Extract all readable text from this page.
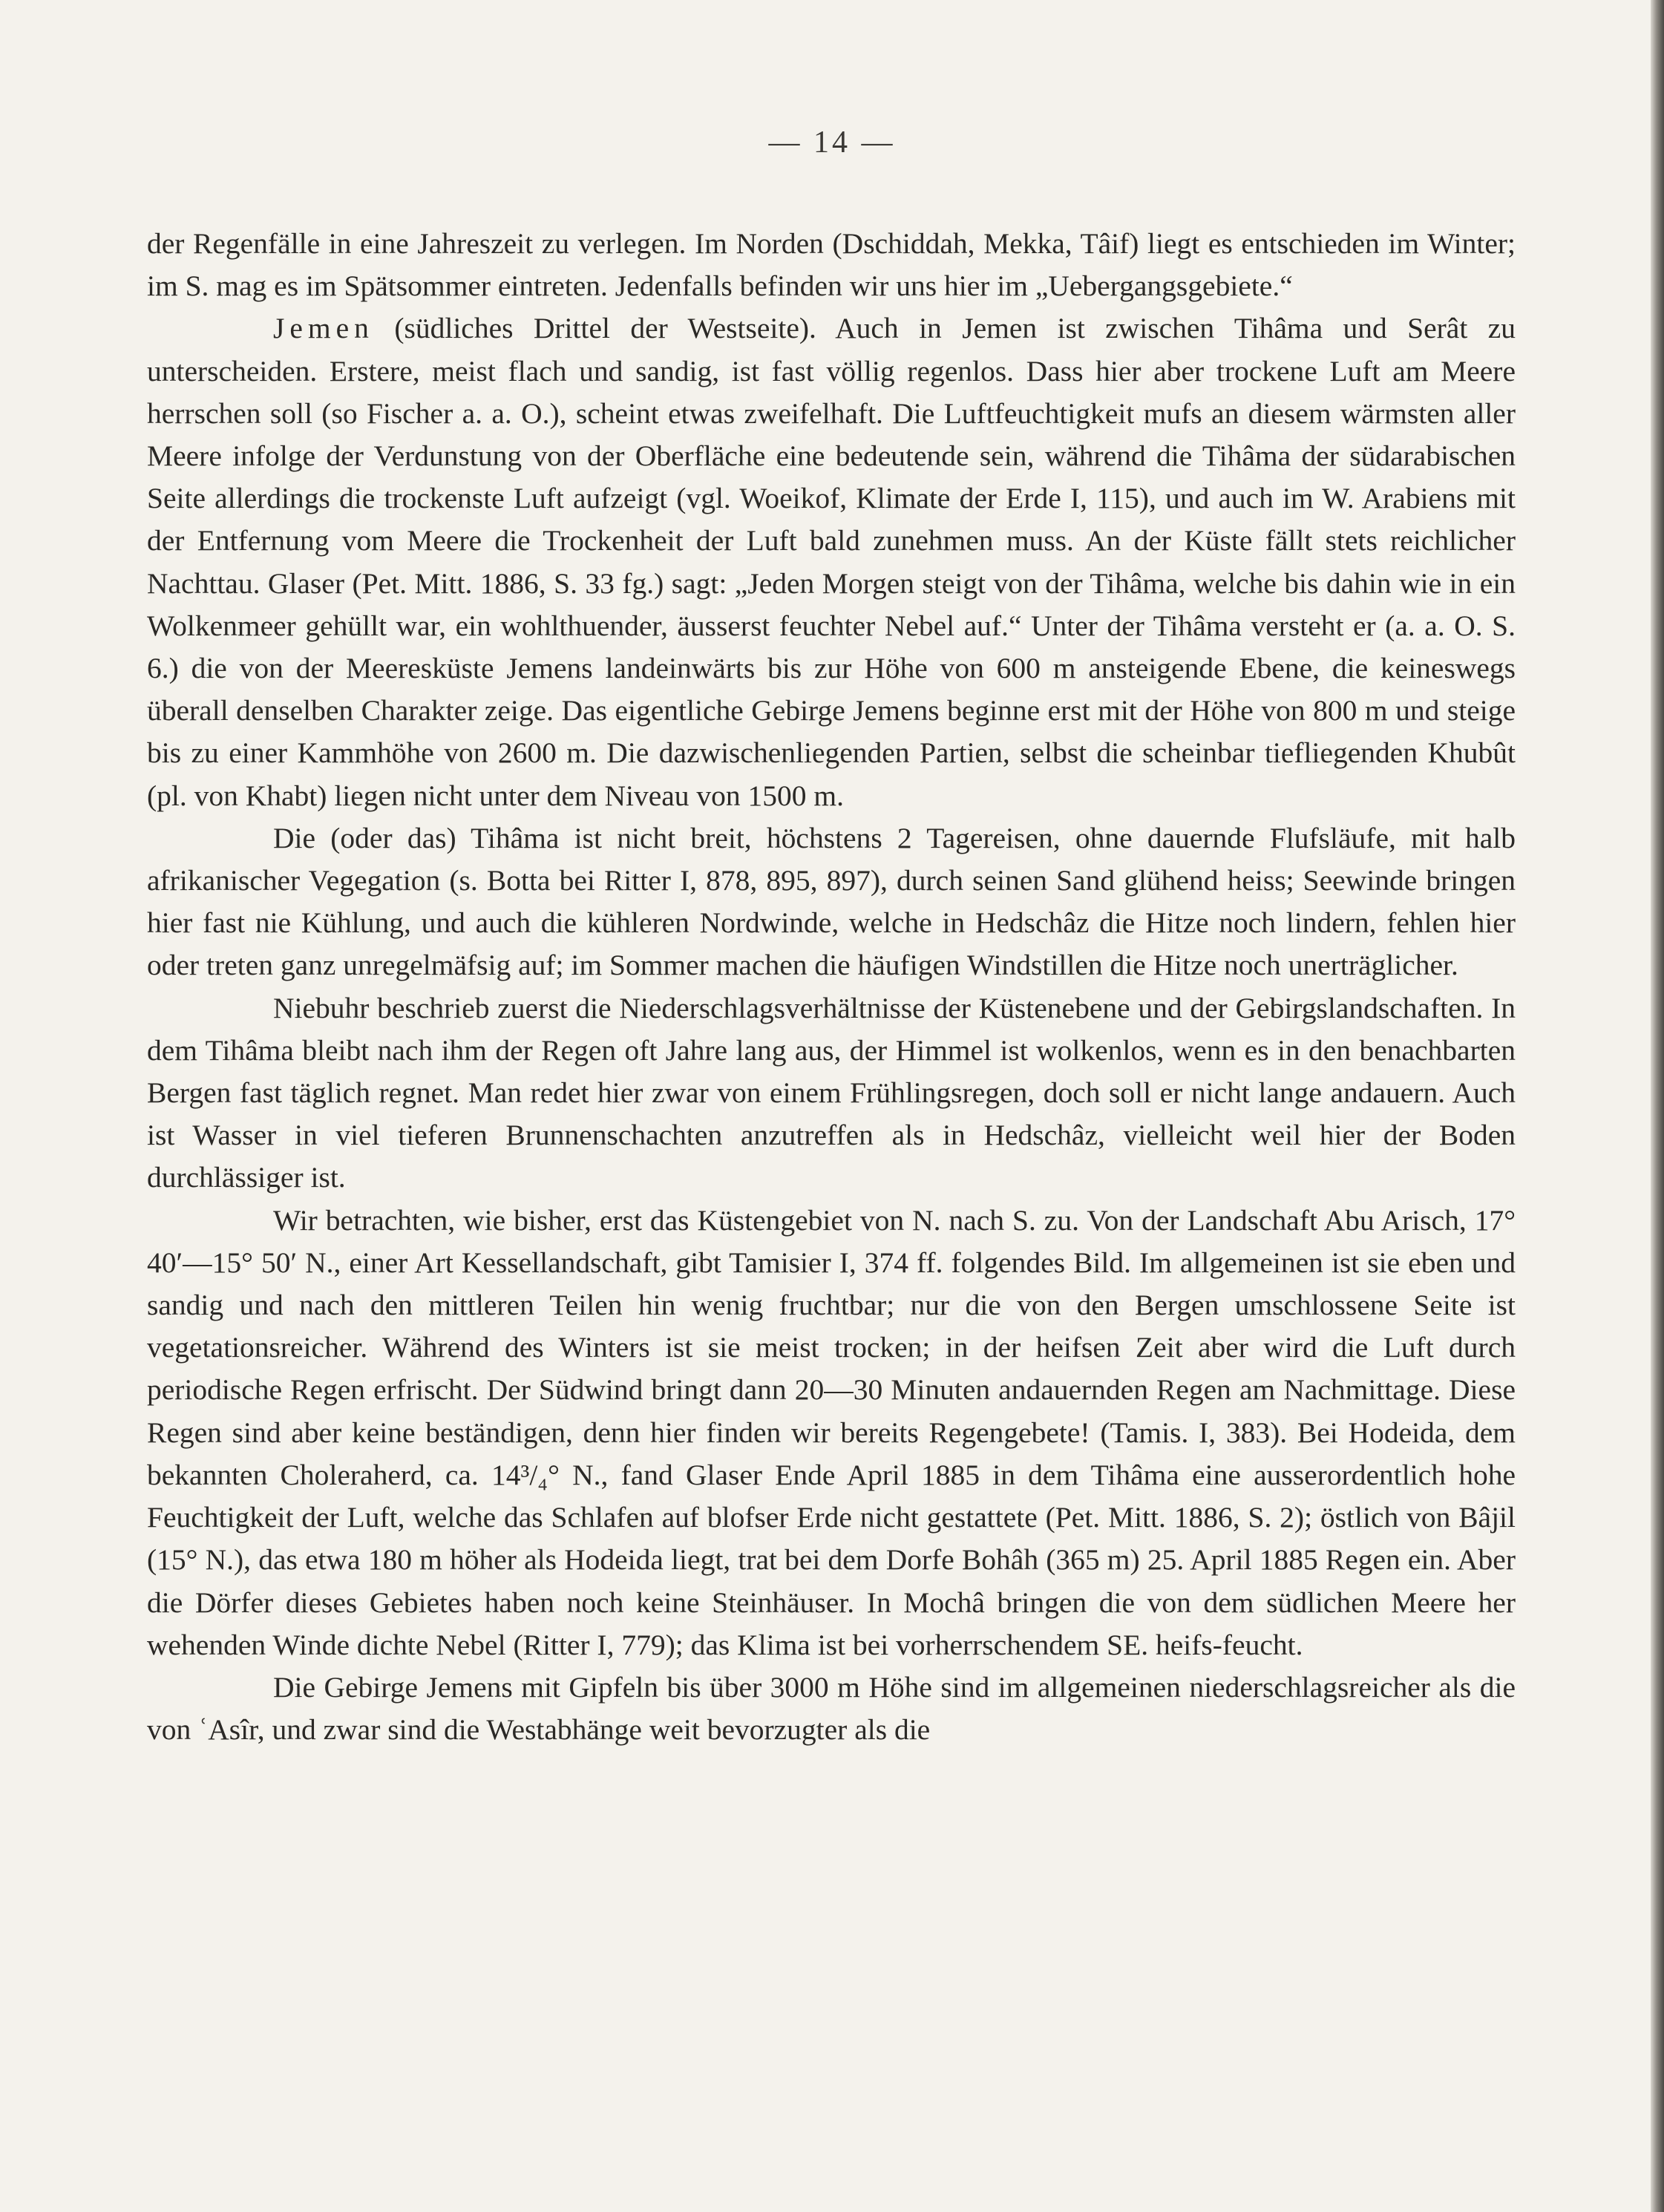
— 14 —

der Regenfälle in eine Jahreszeit zu verlegen. Im Norden (Dschiddah, Mekka, Tâif) liegt es entschieden im Winter; im S. mag es im Spätsommer eintreten. Jedenfalls befinden wir uns hier im „Uebergangsgebiete.“

Jemen (südliches Drittel der Westseite). Auch in Jemen ist zwischen Tihâma und Serât zu unterscheiden. Erstere, meist flach und sandig, ist fast völlig regenlos. Dass hier aber trockene Luft am Meere herrschen soll (so Fischer a. a. O.), scheint etwas zweifelhaft. Die Luftfeuchtigkeit mufs an diesem wärmsten aller Meere infolge der Verdunstung von der Oberfläche eine bedeutende sein, während die Tihâma der südarabischen Seite allerdings die trockenste Luft aufzeigt (vgl. Woeikof, Klimate der Erde I, 115), und auch im W. Arabiens mit der Entfernung vom Meere die Trockenheit der Luft bald zunehmen muss. An der Küste fällt stets reichlicher Nachttau. Glaser (Pet. Mitt. 1886, S. 33 fg.) sagt: „Jeden Morgen steigt von der Tihâma, welche bis dahin wie in ein Wolkenmeer gehüllt war, ein wohlthuender, äusserst feuchter Nebel auf.“ Unter der Tihâma versteht er (a. a. O. S. 6.) die von der Meeresküste Jemens landeinwärts bis zur Höhe von 600 m ansteigende Ebene, die keineswegs überall denselben Charakter zeige. Das eigentliche Gebirge Jemens beginne erst mit der Höhe von 800 m und steige bis zu einer Kammhöhe von 2600 m. Die dazwischenliegenden Partien, selbst die scheinbar tiefliegenden Khubût (pl. von Khabt) liegen nicht unter dem Niveau von 1500 m.

Die (oder das) Tihâma ist nicht breit, höchstens 2 Tagereisen, ohne dauernde Flufsläufe, mit halb afrikanischer Vegegation (s. Botta bei Ritter I, 878, 895, 897), durch seinen Sand glühend heiss; Seewinde bringen hier fast nie Kühlung, und auch die kühleren Nordwinde, welche in Hedschâz die Hitze noch lindern, fehlen hier oder treten ganz unregelmäfsig auf; im Sommer machen die häufigen Windstillen die Hitze noch unerträglicher.

Niebuhr beschrieb zuerst die Niederschlagsverhältnisse der Küstenebene und der Gebirgslandschaften. In dem Tihâma bleibt nach ihm der Regen oft Jahre lang aus, der Himmel ist wolkenlos, wenn es in den benachbarten Bergen fast täglich regnet. Man redet hier zwar von einem Frühlingsregen, doch soll er nicht lange andauern. Auch ist Wasser in viel tieferen Brunnenschachten anzutreffen als in Hedschâz, vielleicht weil hier der Boden durchlässiger ist.

Wir betrachten, wie bisher, erst das Küstengebiet von N. nach S. zu. Von der Landschaft Abu Arisch, 17° 40′—15° 50′ N., einer Art Kessellandschaft, gibt Tamisier I, 374 ff. folgendes Bild. Im allgemeinen ist sie eben und sandig und nach den mittleren Teilen hin wenig fruchtbar; nur die von den Bergen umschlossene Seite ist vegetationsreicher. Während des Winters ist sie meist trocken; in der heifsen Zeit aber wird die Luft durch periodische Regen erfrischt. Der Südwind bringt dann 20—30 Minuten andauernden Regen am Nachmittage. Diese Regen sind aber keine beständigen, denn hier finden wir bereits Regengebete! (Tamis. I, 383). Bei Hodeida, dem bekannten Choleraherd, ca. 14³/₄° N., fand Glaser Ende April 1885 in dem Tihâma eine ausserordentlich hohe Feuchtigkeit der Luft, welche das Schlafen auf blofser Erde nicht gestattete (Pet. Mitt. 1886, S. 2); östlich von Bâjil (15° N.), das etwa 180 m höher als Hodeida liegt, trat bei dem Dorfe Bohâh (365 m) 25. April 1885 Regen ein. Aber die Dörfer dieses Gebietes haben noch keine Steinhäuser. In Mochâ bringen die von dem südlichen Meere her wehenden Winde dichte Nebel (Ritter I, 779); das Klima ist bei vorherrschendem SE. heifs-feucht.

Die Gebirge Jemens mit Gipfeln bis über 3000 m Höhe sind im allgemeinen niederschlagsreicher als die von ʿAsîr, und zwar sind die Westabhänge weit bevorzugter als die
